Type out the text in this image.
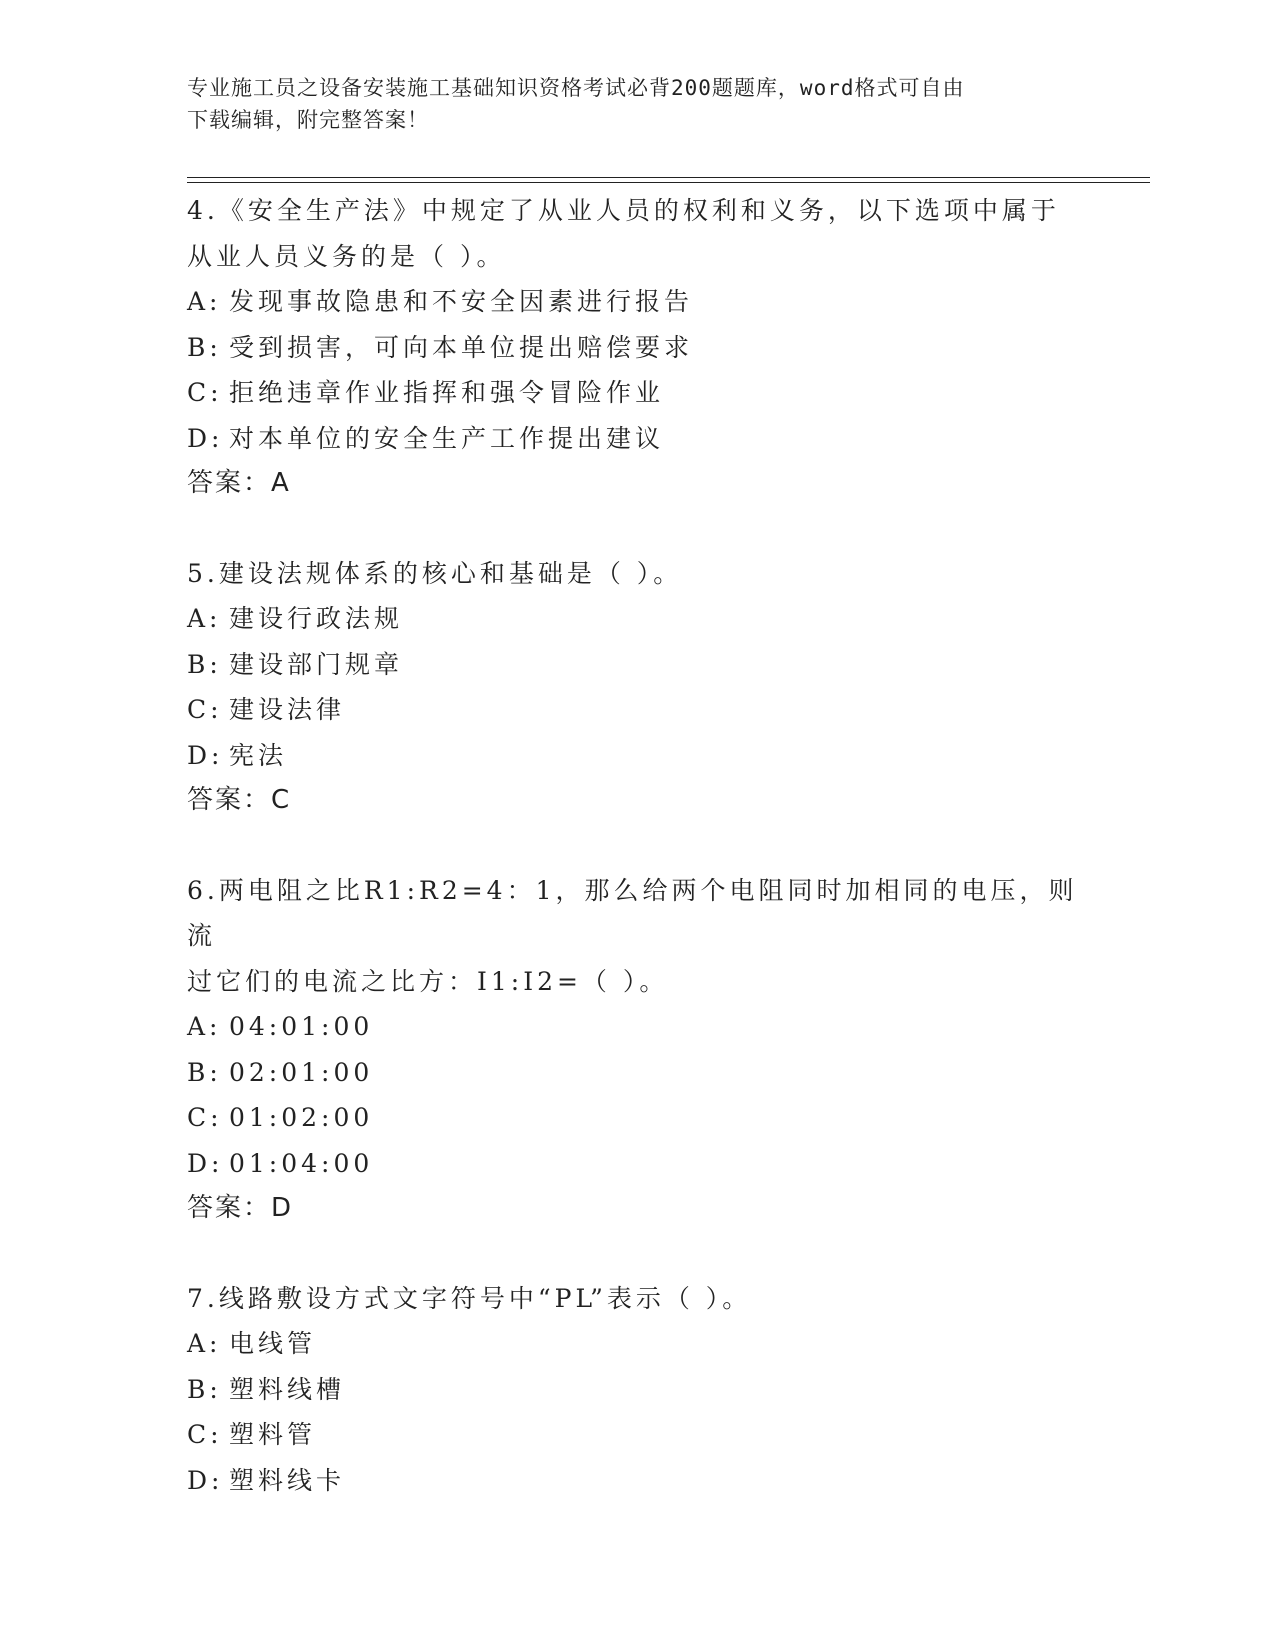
专业施工员之设备安装施工基础知识资格考试必背200题题库，word格式可自由
下载编辑，附完整答案！

4.《安全生产法》中规定了从业人员的权利和义务，以下选项中属于
从业人员义务的是（ ）。

A: 发现事故隐患和不安全因素进行报告
B: 受到损害，可向本单位提出赔偿要求
C: 拒绝违章作业指挥和强令冒险作业
D: 对本单位的安全生产工作提出建议
答案：A

5.建设法规体系的核心和基础是（ ）。

A: 建设行政法规
B: 建设部门规章
C: 建设法律
D: 宪法
答案：C

6.两电阻之比R1:R2=4：1，那么给两个电阻同时加相同的电压，则流
过它们的电流之比方：I1:I2=（ ）。

A: 04:01:00
B: 02:01:00
C: 01:02:00
D: 01:04:00
答案：D

7.线路敷设方式文字符号中“PL”表示（ ）。

A: 电线管
B: 塑料线槽
C: 塑料管
D: 塑料线卡
